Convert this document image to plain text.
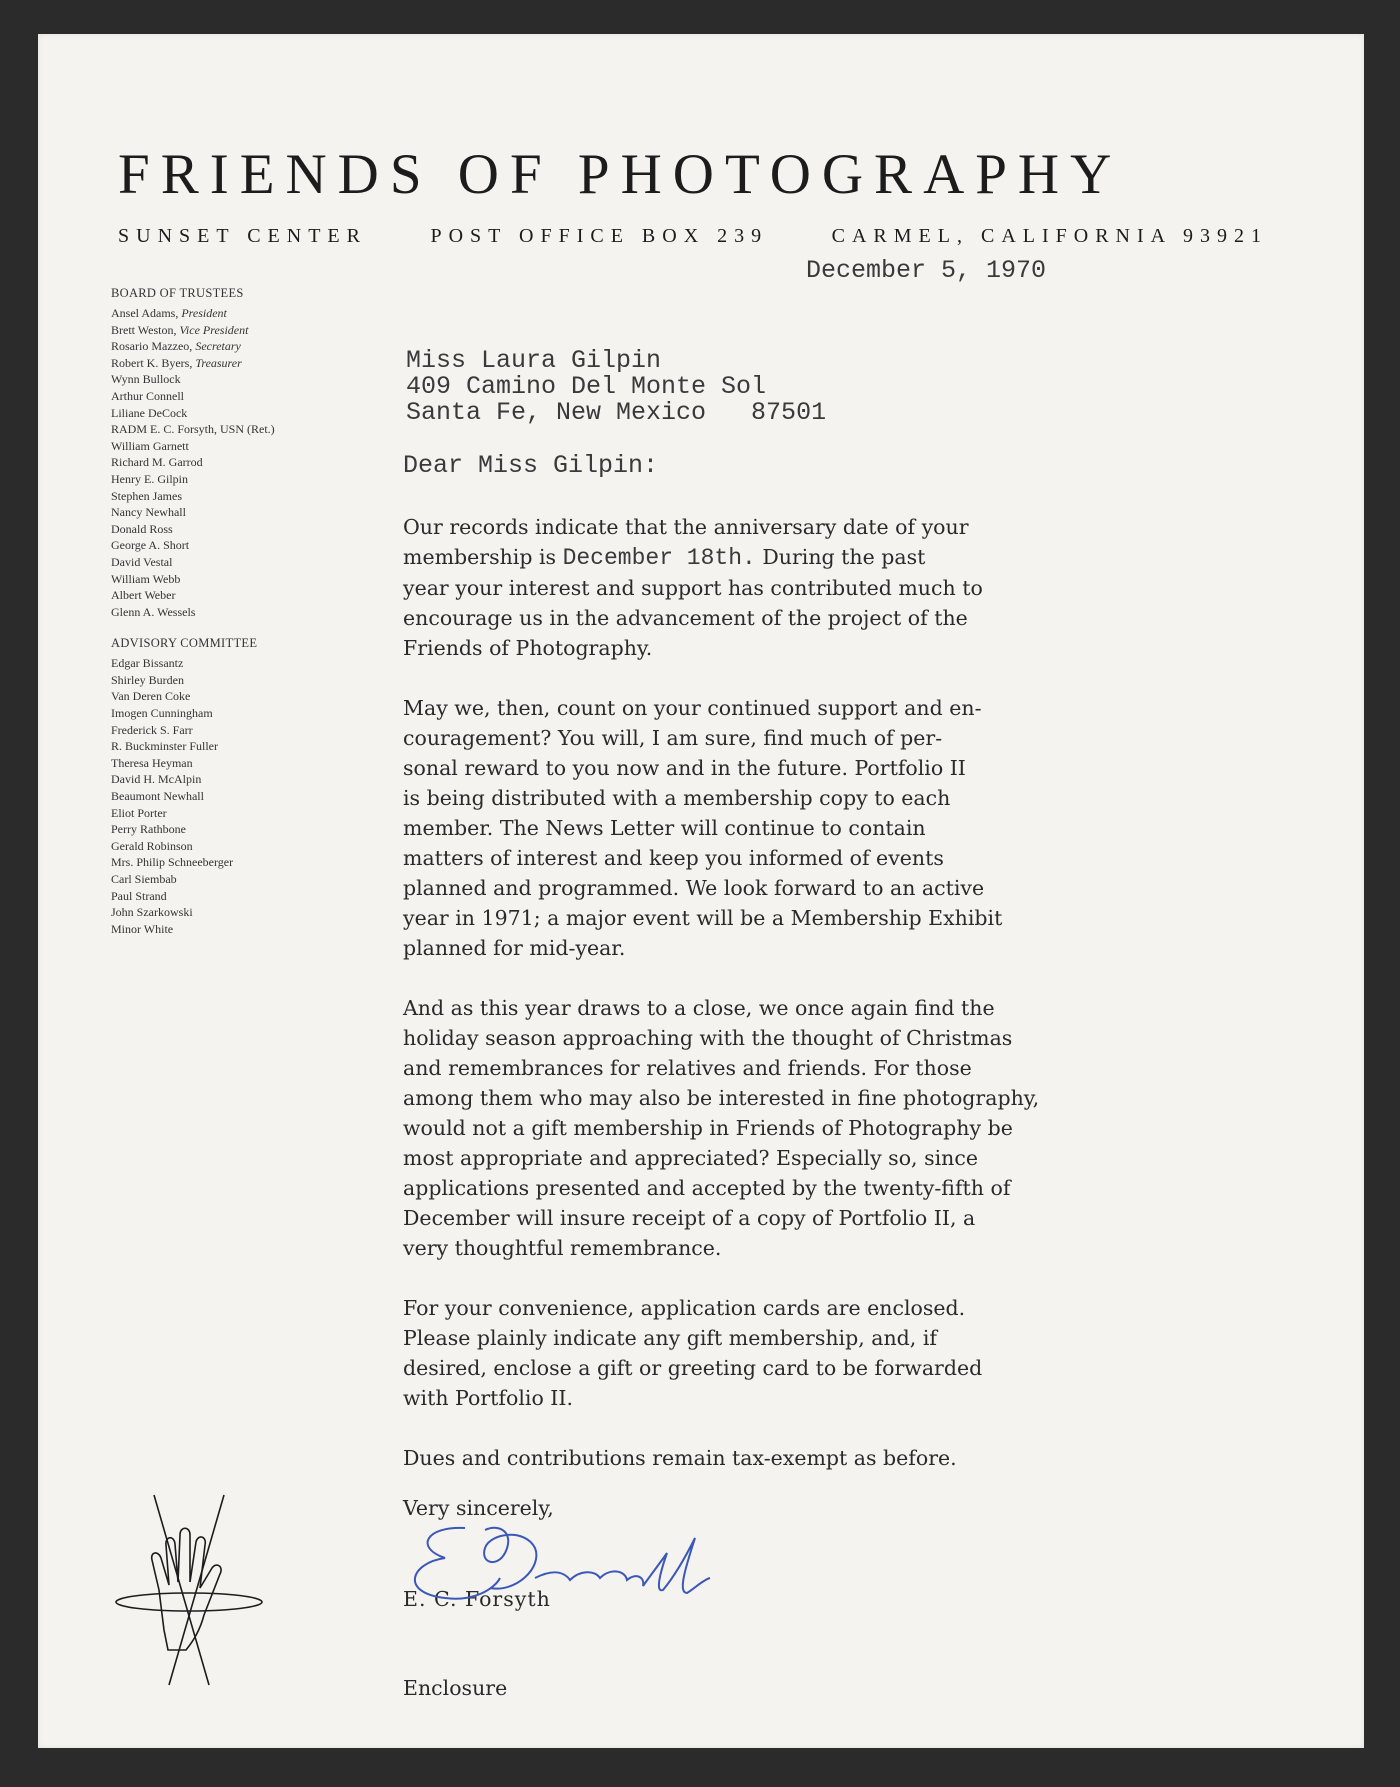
FRIENDS OF PHOTOGRAPHY
SUNSET CENTER	POST OFFICE BOX 239	CARMEL, CALIFORNIA 93921
December 5, 1970
BOARD OF TRUSTEES
Ansel Adams, President
Brett Weston, Vice President
Rosario Mazzeo, Secretary
Robert K. Byers, Treasurer
Wynn Bullock
Arthur Connell
Liliane DeCock
RADM E. C. Forsyth, USN (Ret.)
William Garnett
Richard M. Garrod
Henry E. Gilpin
Stephen James
Nancy Newhall
Donald Ross
George A. Short
David Vestal
William Webb
Albert Weber
Glenn A. Wessels
ADVISORY COMMITTEE
Edgar Bissantz
Shirley Burden
Van Deren Coke
Imogen Cunningham
Frederick S. Farr
R. Buckminster Fuller
Theresa Heyman
David H. McAlpin
Beaumont Newhall
Eliot Porter
Perry Rathbone
Gerald Robinson
Mrs. Philip Schneeberger
Carl Siembab
Paul Strand
John Szarkowski
Minor White
Miss Laura Gilpin
409 Camino Del Monte Sol
Santa Fe, New Mexico   87501
Dear Miss Gilpin:

Our records indicate that the anniversary date of your
membership is December 18th. During the past
year your interest and support has contributed much to
encourage us in the advancement of the project of the
Friends of Photography.

May we, then, count on your continued support and en-
couragement? You will, I am sure, find much of per-
sonal reward to you now and in the future. Portfolio II
is being distributed with a membership copy to each
member. The News Letter will continue to contain
matters of interest and keep you informed of events
planned and programmed. We look forward to an active
year in 1971; a major event will be a Membership Exhibit
planned for mid-year.

And as this year draws to a close, we once again find the
holiday season approaching with the thought of Christmas
and remembrances for relatives and friends. For those
among them who may also be interested in fine photography,
would not a gift membership in Friends of Photography be
most appropriate and appreciated? Especially so, since
applications presented and accepted by the twenty-fifth of
December will insure receipt of a copy of Portfolio II, a
very thoughtful remembrance.

For your convenience, application cards are enclosed.
Please plainly indicate any gift membership, and, if
desired, enclose a gift or greeting card to be forwarded
with Portfolio II.

Dues and contributions remain tax-exempt as before.

Very sincerely,
E. C. Forsyth
Enclosure
